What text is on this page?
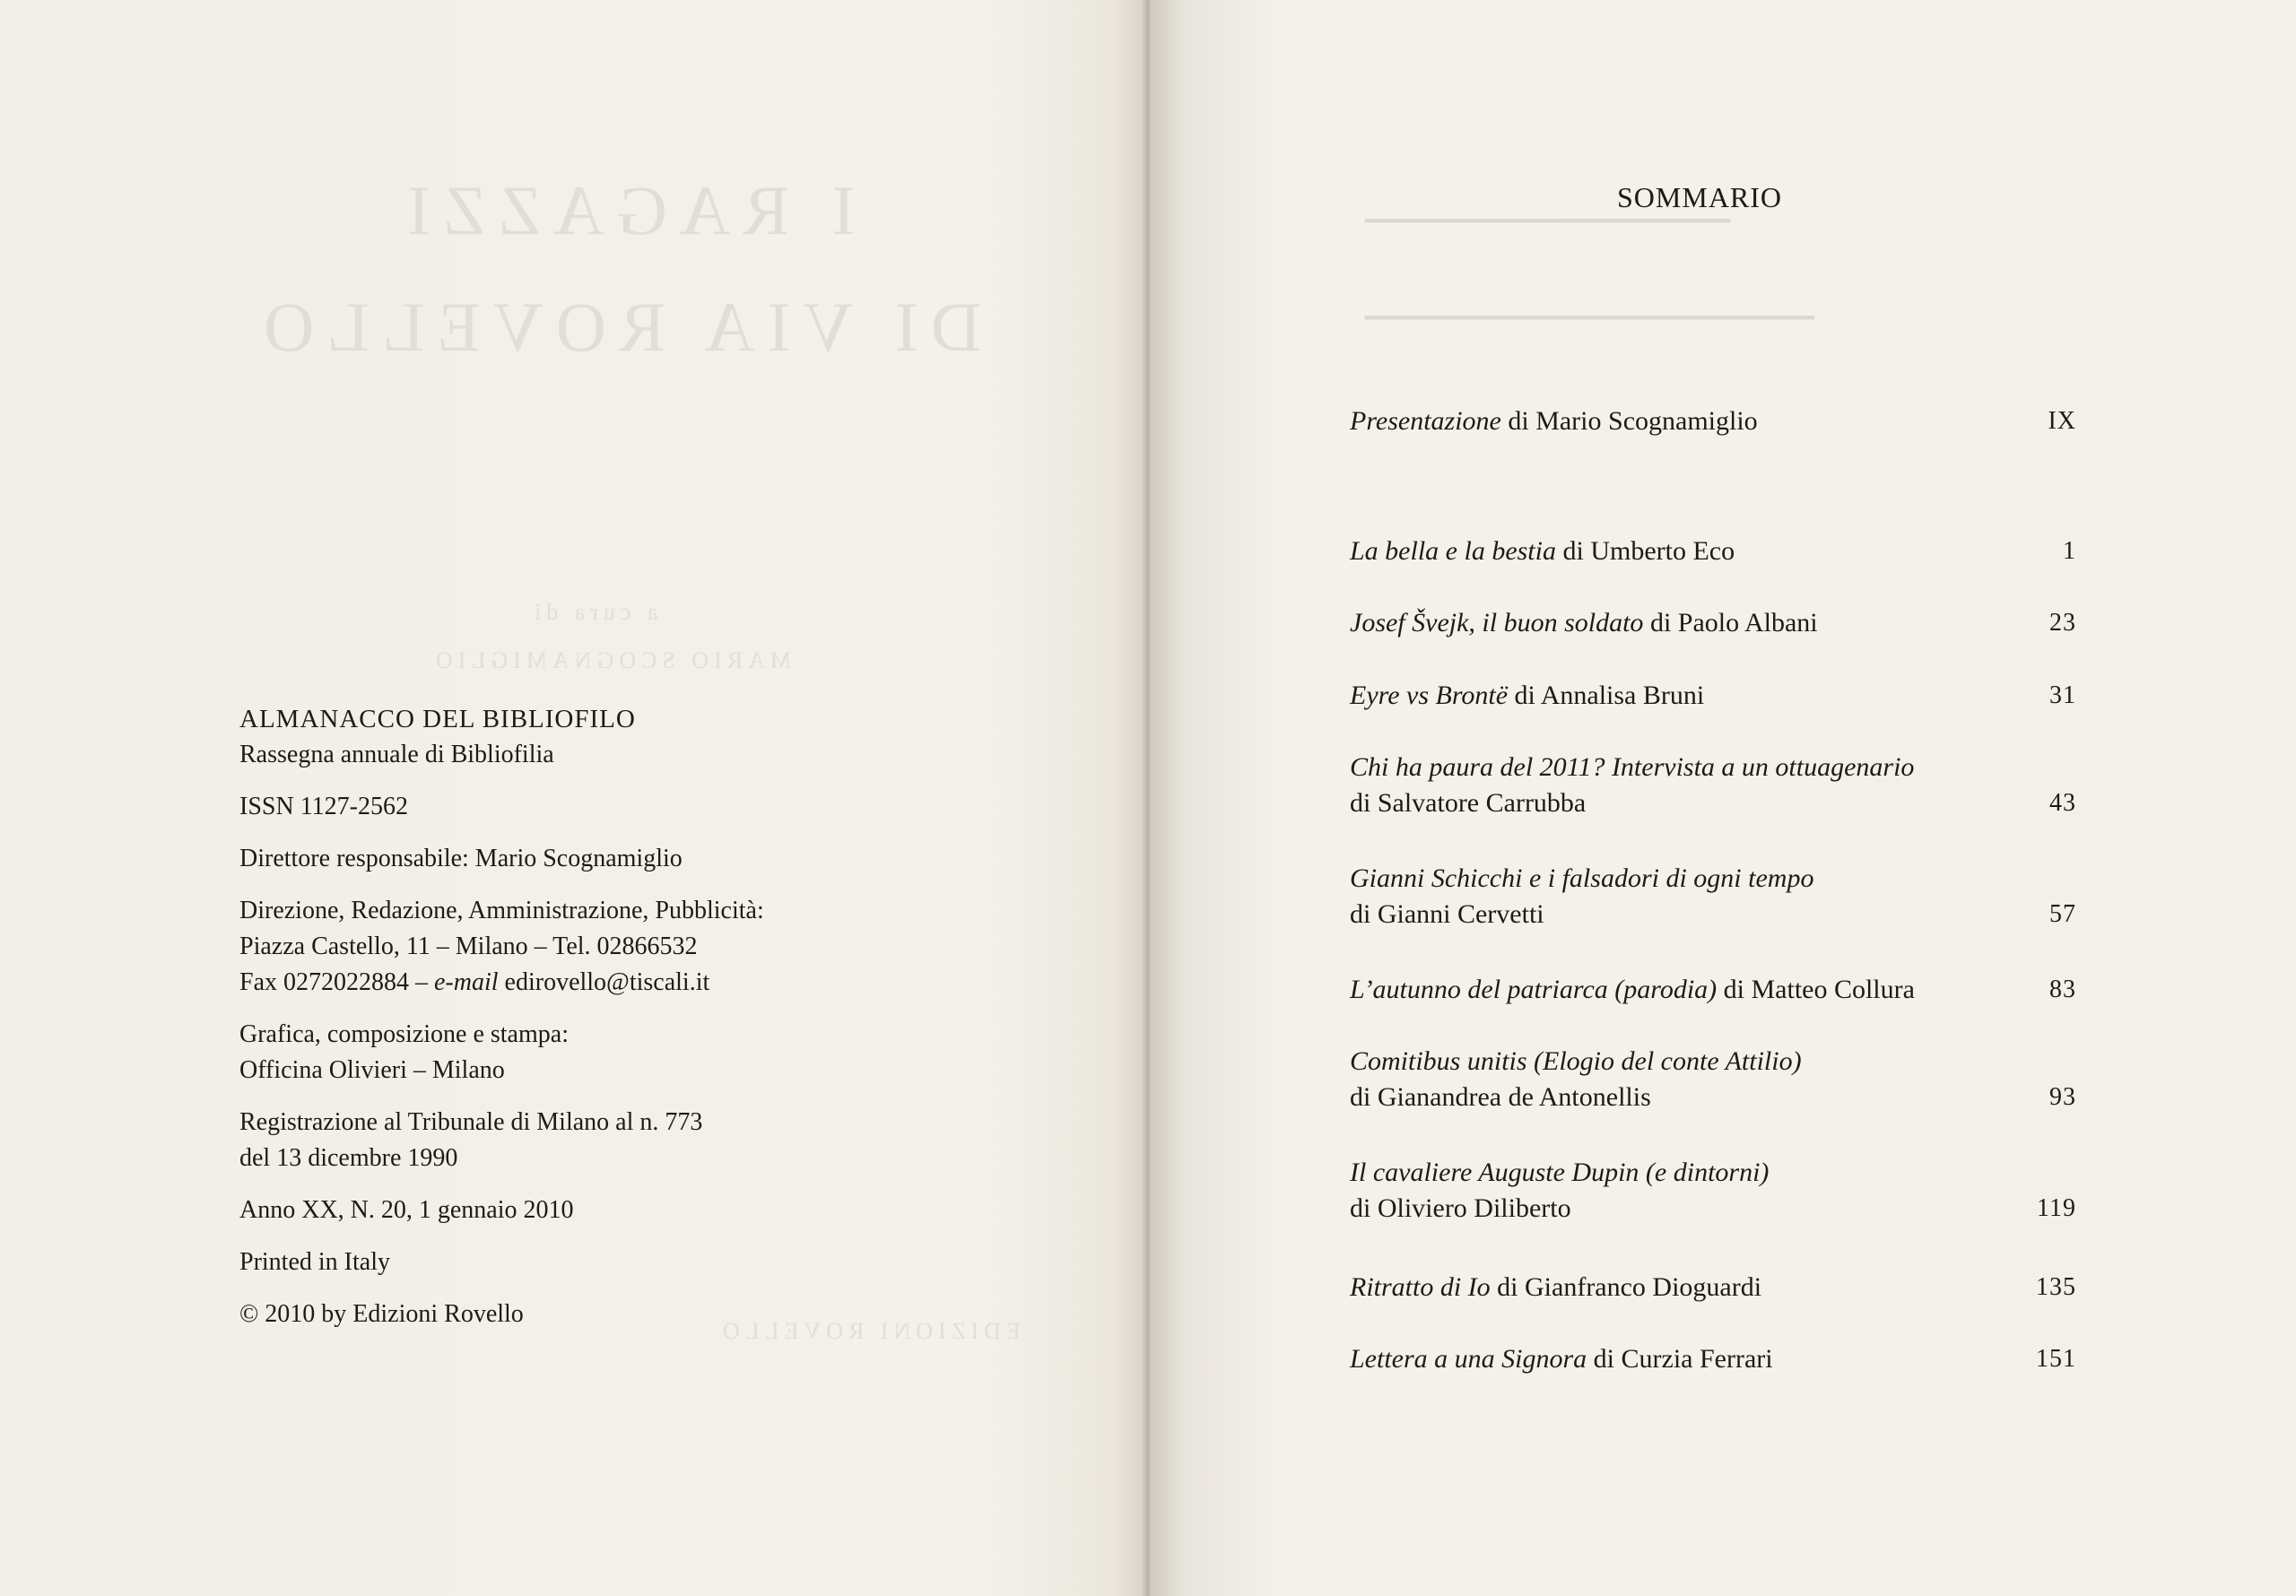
I RAGAZZI
DI VIA ROVELLO
a cura di
MARIO SCOGNAMIGLIO
EDIZIONI ROVELLO
ALMANACCO DEL BIBLIOFILO
Rassegna annuale di Bibliofilia
ISSN 1127-2562
Direttore responsabile: Mario Scognamiglio
Direzione, Redazione, Amministrazione, Pubblicità:
Piazza Castello, 11 – Milano – Tel. 02866532
Fax 0272022884 – e-mail edirovello@tiscali.it
Grafica, composizione e stampa:
Officina Olivieri – Milano
Registrazione al Tribunale di Milano al n. 773
del 13 dicembre 1990
Anno XX, N. 20, 1 gennaio 2010
Printed in Italy
© 2010 by Edizioni Rovello
━━━━━━━━━━━━━━━━━━━━━━━━━━
━━━━━━━━━━━━━━━━━━━━━━━━━━━━━━━━
SOMMARIO
Presentazione di Mario Scognamiglio	IX
La bella e la bestia di Umberto Eco	1
Josef Švejk, il buon soldato di Paolo Albani	23
Eyre vs Brontë di Annalisa Bruni	31
Chi ha paura del 2011? Intervista a un ottuagenario
di Salvatore Carrubba	43
Gianni Schicchi e i falsadori di ogni tempo
di Gianni Cervetti	57
L’autunno del patriarca (parodia) di Matteo Collura	83
Comitibus unitis (Elogio del conte Attilio)
di Gianandrea de Antonellis	93
Il cavaliere Auguste Dupin (e dintorni)
di Oliviero Diliberto	119
Ritratto di Io di Gianfranco Dioguardi	135
Lettera a una Signora di Curzia Ferrari	151
